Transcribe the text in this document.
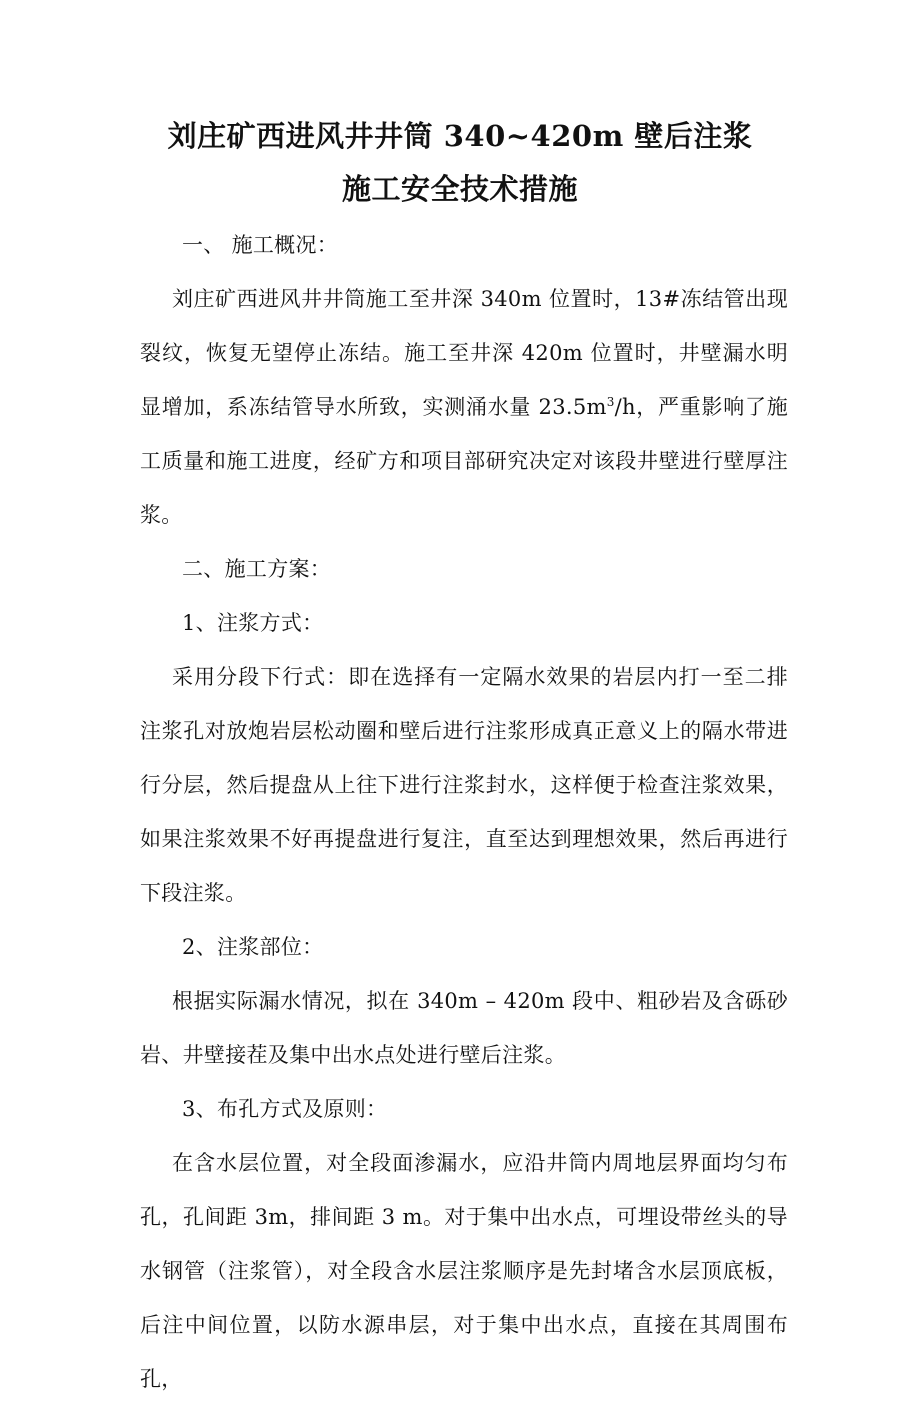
刘庄矿西进风井井筒 340~420m 壁后注浆
施工安全技术措施

一、 施工概况：

刘庄矿西进风井井筒施工至井深 340m 位置时，13#冻结管出现裂纹，恢复无望停止冻结。施工至井深 420m 位置时，井壁漏水明显增加，系冻结管导水所致，实测涌水量 $23.5m^3/h$，严重影响了施工质量和施工进度，经矿方和项目部研究决定对该段井壁进行壁厚注浆。

二、施工方案：

1、注浆方式：

采用分段下行式：即在选择有一定隔水效果的岩层内打一至二排注浆孔对放炮岩层松动圈和壁后进行注浆形成真正意义上的隔水带进行分层，然后提盘从上往下进行注浆封水，这样便于检查注浆效果，如果注浆效果不好再提盘进行复注，直至达到理想效果，然后再进行下段注浆。

2、注浆部位：

根据实际漏水情况，拟在 340m – 420m 段中、粗砂岩及含砾砂岩、井壁接茬及集中出水点处进行壁后注浆。

3、布孔方式及原则：

在含水层位置，对全段面渗漏水，应沿井筒内周地层界面均匀布孔，孔间距 3m，排间距 3 m。对于集中出水点，可埋设带丝头的导水钢管（注浆管），对全段含水层注浆顺序是先封堵含水层顶底板，后注中间位置，以防水源串层，对于集中出水点，直接在其周围布孔，
